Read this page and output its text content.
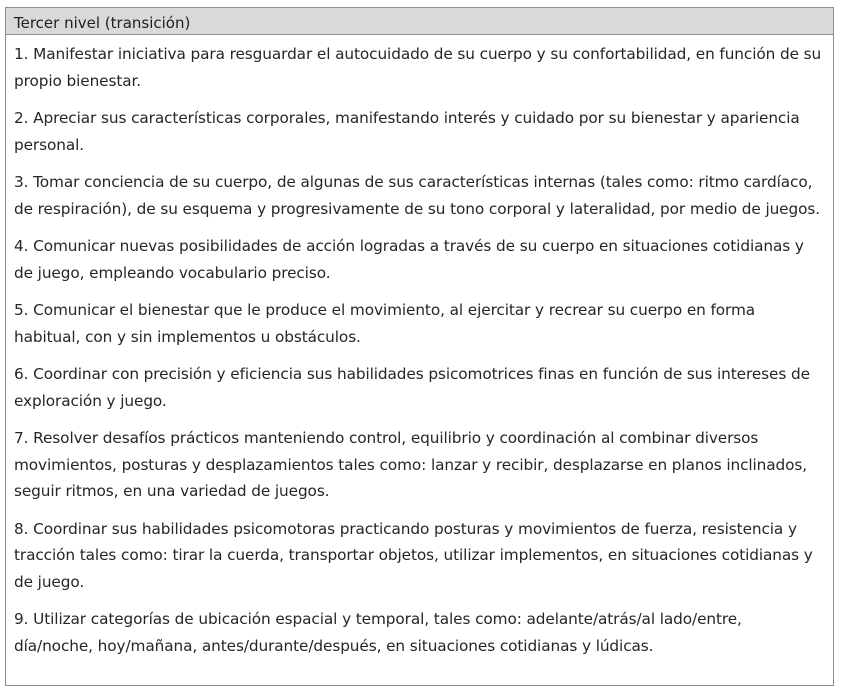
Tercer nivel (transición)

1. Manifestar iniciativa para resguardar el autocuidado de su cuerpo y su confortabilidad, en función de su propio bienestar.

2. Apreciar sus características corporales, manifestando interés y cuidado por su bienestar y apariencia personal.

3. Tomar conciencia de su cuerpo, de algunas de sus características internas (tales como: ritmo cardíaco, de respiración), de su esquema y progresivamente de su tono corporal y lateralidad, por medio de juegos.

4. Comunicar nuevas posibilidades de acción logradas a través de su cuerpo en situaciones cotidianas y de juego, empleando vocabulario preciso.

5. Comunicar el bienestar que le produce el movimiento, al ejercitar y recrear su cuerpo en forma habitual, con y sin implementos u obstáculos.

6. Coordinar con precisión y eficiencia sus habilidades psicomotrices finas en función de sus intereses de exploración y juego.

7. Resolver desafíos prácticos manteniendo control, equilibrio y coordinación al combinar diversos movimientos, posturas y desplazamientos tales como: lanzar y recibir, desplazarse en planos inclinados, seguir ritmos, en una variedad de juegos.

8. Coordinar sus habilidades psicomotoras practicando posturas y movimientos de fuerza, resistencia y tracción tales como: tirar la cuerda, transportar objetos, utilizar implementos, en situaciones cotidianas y de juego.

9. Utilizar categorías de ubicación espacial y temporal, tales como: adelante/atrás/al lado/entre, día/noche, hoy/mañana, antes/durante/después, en situaciones cotidianas y lúdicas.
